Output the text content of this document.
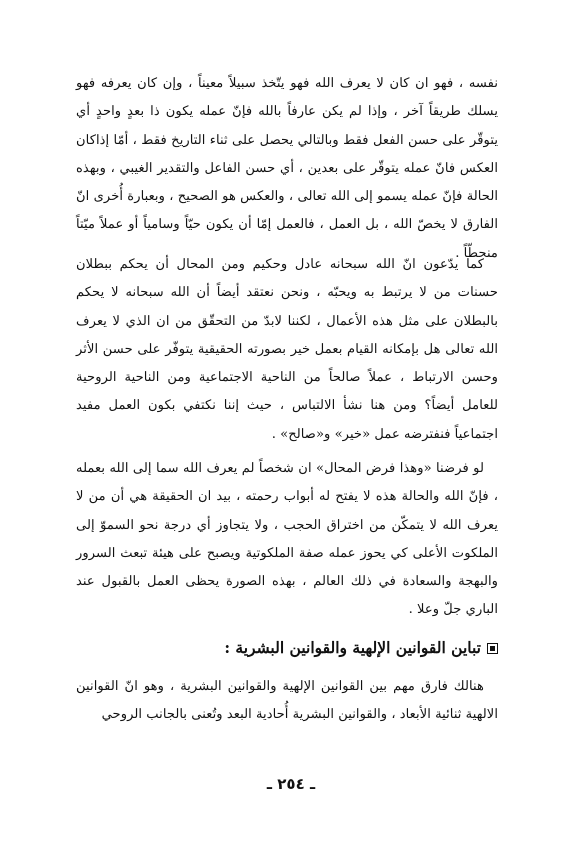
نفسه ، فهو ان كان لا يعرف الله فهو يتّخذ سبيلاً معيناً ، وإن كان يعرفه فهو يسلك طريقاً آخر ، وإذا لم يكن عارفاً بالله فإنّ عمله يكون ذا بعدٍ واحدٍ أي يتوقّر على حسن الفعل فقط وبالتالي يحصل على ثناء التاريخ فقط ، أمّا إذاكان العكس فانّ عمله يتوقّر على بعدين ، أي حسن الفاعل والتقدير الغيبي ، وبهذه الحالة فإنّ عمله يسمو إلى الله تعالى ، والعكس هو الصحيح ، وبعبارة أُخرى انّ الفارق لا يخصّ الله ، بل العمل ، فالعمل إمّا أن يكون حيّاً وسامياً أو عملاً ميّتاً منحطّاً .

كما يدّعون انّ الله سبحانه عادل وحكيم ومن المحال أن يحكم ببطلان حسنات من لا يرتبط به ويحبّه ، ونحن نعتقد أيضاً أن الله سبحانه لا يحكم بالبطلان على مثل هذه الأعمال ، لكننا لابدّ من التحقّق من ان الذي لا يعرف الله تعالى هل بإمكانه القيام بعمل خير بصورته الحقيقية يتوفّر على حسن الأثر وحسن الارتباط ، عملاً صالحاً من الناحية الاجتماعية ومن الناحية الروحية للعامل أيضاً؟ ومن هنا نشأ الالتباس ، حيث إننا نكتفي بكون العمل مفيد اجتماعياً فنفترضه عمل «خير» و«صالح» .

لو فرضنا «وهذا فرض المحال» ان شخصاً لم يعرف الله سما إلى الله بعمله ، فإنّ الله والحالة هذه لا يفتح له أبواب رحمته ، بيد ان الحقيقة هي أن من لا يعرف الله لا يتمكّن من اختراق الحجب ، ولا يتجاوز أي درجة نحو السموّ إلى الملكوت الأعلى كي يحوز عمله صفة الملكوتية ويصبح على هيئة تبعث السرور والبهجة والسعادة في ذلك العالم ، بهذه الصورة يحظى العمل بالقبول عند الباري جلّ وعلا .

تباين القوانين الإلهية والقوانين البشرية :

هنالك فارق مهم بين القوانين الإلهية والقوانين البشرية ، وهو انّ القوانين الالهية ثنائية الأبعاد ، والقوانين البشرية أُحادية البعد وتُعنى بالجانب الروحي

ـ ٢٥٤ ـ
